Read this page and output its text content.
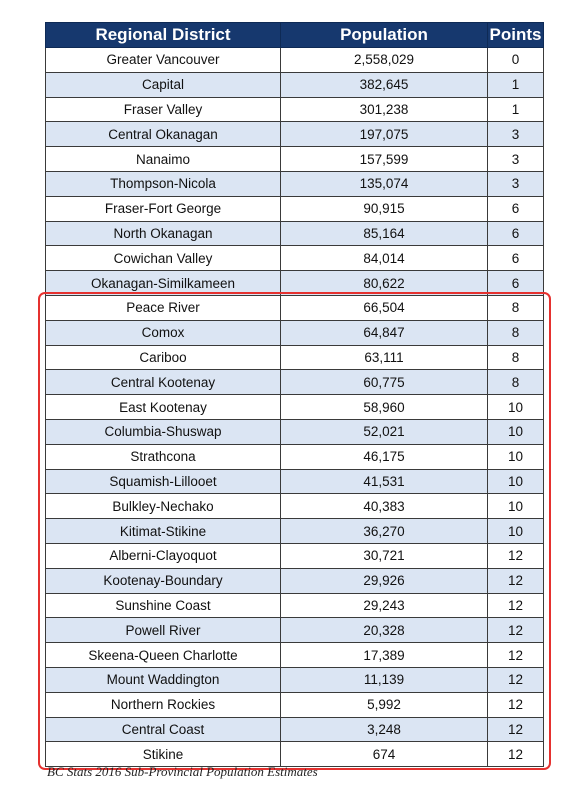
Regional District	Population	Points
Greater Vancouver	2,558,029	0
Capital	382,645	1
Fraser Valley	301,238	1
Central Okanagan	197,075	3
Nanaimo	157,599	3
Thompson-Nicola	135,074	3
Fraser-Fort George	90,915	6
North Okanagan	85,164	6
Cowichan Valley	84,014	6
Okanagan-Similkameen	80,622	6
Peace River	66,504	8
Comox	64,847	8
Cariboo	63,111	8
Central Kootenay	60,775	8
East Kootenay	58,960	10
Columbia-Shuswap	52,021	10
Strathcona	46,175	10
Squamish-Lillooet	41,531	10
Bulkley-Nechako	40,383	10
Kitimat-Stikine	36,270	10
Alberni-Clayoquot	30,721	12
Kootenay-Boundary	29,926	12
Sunshine Coast	29,243	12
Powell River	20,328	12
Skeena-Queen Charlotte	17,389	12
Mount Waddington	11,139	12
Northern Rockies	5,992	12
Central Coast	3,248	12
Stikine	674	12
BC Stats 2016 Sub-Provincial Population Estimates
